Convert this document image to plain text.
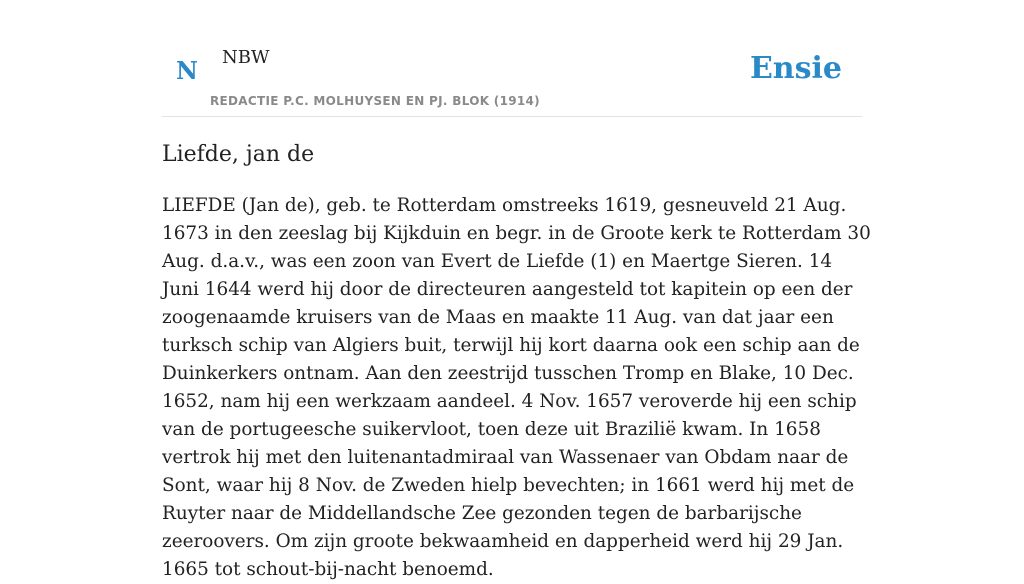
N NBW
REDACTIE P.C. MOLHUYSEN EN PJ. BLOK (1914)
Ensie
Liefde, jan de

LIEFDE (Jan de), geb. te Rotterdam omstreeks 1619, gesneuveld 21 Aug. 1673 in den zeeslag bij Kijkduin en begr. in de Groote kerk te Rotterdam 30 Aug. d.a.v., was een zoon van Evert de Liefde (1) en Maertge Sieren. 14 Juni 1644 werd hij door de directeuren aangesteld tot kapitein op een der zoogenaamde kruisers van de Maas en maakte 11 Aug. van dat jaar een turksch schip van Algiers buit, terwijl hij kort daarna ook een schip aan de Duinkerkers ontnam. Aan den zeestrijd tusschen Tromp en Blake, 10 Dec. 1652, nam hij een werkzaam aandeel. 4 Nov. 1657 veroverde hij een schip van de portugeesche suikervloot, toen deze uit Brazilië kwam. In 1658 vertrok hij met den luitenantadmiraal van Wassenaer van Obdam naar de Sont, waar hij 8 Nov. de Zweden hielp bevechten; in 1661 werd hij met de Ruyter naar de Middellandsche Zee gezonden tegen de barbarijsche zeeroovers. Om zijn groote bekwaamheid en dapperheid werd hij 29 Jan. 1665 tot schout-bij-nacht benoemd.
